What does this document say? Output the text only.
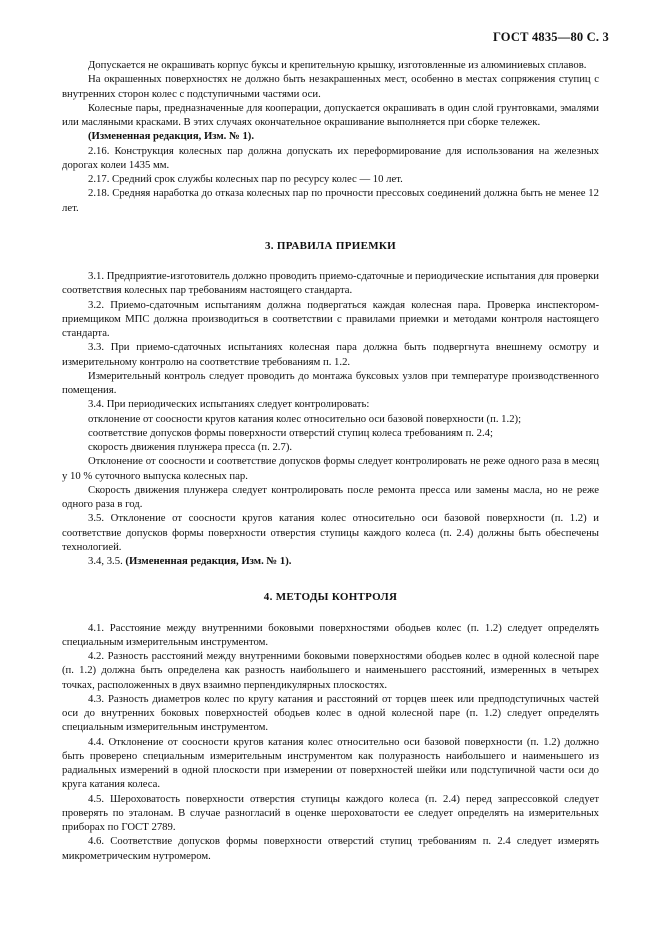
ГОСТ 4835—80 С. 3

Допускается не окрашивать корпус буксы и крепительную крышку, изготовленные из алюминиевых сплавов.

На окрашенных поверхностях не должно быть незакрашенных мест, особенно в местах сопряжения ступиц с внутренних сторон колес с подступичными частями оси.

Колесные пары, предназначенные для кооперации, допускается окрашивать в один слой грунтовками, эмалями или масляными красками. В этих случаях окончательное окрашивание выполняется при сборке тележек.

(Измененная редакция, Изм. № 1).

2.16. Конструкция колесных пар должна допускать их переформирование для использования на железных дорогах колеи 1435 мм.

2.17. Средний срок службы колесных пар по ресурсу колес — 10 лет.

2.18. Средняя наработка до отказа колесных пар по прочности прессовых соединений должна быть не менее 12 лет.

3. ПРАВИЛА ПРИЕМКИ

3.1. Предприятие-изготовитель должно проводить приемо-сдаточные и периодические испытания для проверки соответствия колесных пар требованиям настоящего стандарта.

3.2. Приемо-сдаточным испытаниям должна подвергаться каждая колесная пара. Проверка инспектором-приемщиком МПС должна производиться в соответствии с правилами приемки и методами контроля настоящего стандарта.

3.3. При приемо-сдаточных испытаниях колесная пара должна быть подвергнута внешнему осмотру и измерительному контролю на соответствие требованиям п. 1.2.

Измерительный контроль следует проводить до монтажа буксовых узлов при температуре производственного помещения.

3.4. При периодических испытаниях следует контролировать:

отклонение от соосности кругов катания колес относительно оси базовой поверхности (п. 1.2);

соответствие допусков формы поверхности отверстий ступиц колеса требованиям п. 2.4;

скорость движения плунжера пресса (п. 2.7).

Отклонение от соосности и соответствие допусков формы следует контролировать не реже одного раза в месяц у 10 % суточного выпуска колесных пар.

Скорость движения плунжера следует контролировать после ремонта пресса или замены масла, но не реже одного раза в год.

3.5. Отклонение от соосности кругов катания колес относительно оси базовой поверхности (п. 1.2) и соответствие допусков формы поверхности отверстия ступицы каждого колеса (п. 2.4) должны быть обеспечены технологией.

3.4, 3.5. (Измененная редакция, Изм. № 1).

4. МЕТОДЫ КОНТРОЛЯ

4.1. Расстояние между внутренними боковыми поверхностями ободьев колес (п. 1.2) следует определять специальным измерительным инструментом.

4.2. Разность расстояний между внутренними боковыми поверхностями ободьев колес в одной колесной паре (п. 1.2) должна быть определена как разность наибольшего и наименьшего расстояний, измеренных в четырех точках, расположенных в двух взаимно перпендикулярных плоскостях.

4.3. Разность диаметров колес по кругу катания и расстояний от торцев шеек или предподступичных частей оси до внутренних боковых поверхностей ободьев колес в одной колесной паре (п. 1.2) следует определять специальным измерительным инструментом.

4.4. Отклонение от соосности кругов катания колес относительно оси базовой поверхности (п. 1.2) должно быть проверено специальным измерительным инструментом как полуразность наибольшего и наименьшего из радиальных измерений в одной плоскости при измерении от поверхностей шейки или подступичной части оси до круга катания колеса.

4.5. Шероховатость поверхности отверстия ступицы каждого колеса (п. 2.4) перед запрессовкой следует проверять по эталонам. В случае разногласий в оценке шероховатости ее следует определять на измерительных приборах по ГОСТ 2789.

4.6. Соответствие допусков формы поверхности отверстий ступиц требованиям п. 2.4 следует измерять микрометрическим нутромером.
